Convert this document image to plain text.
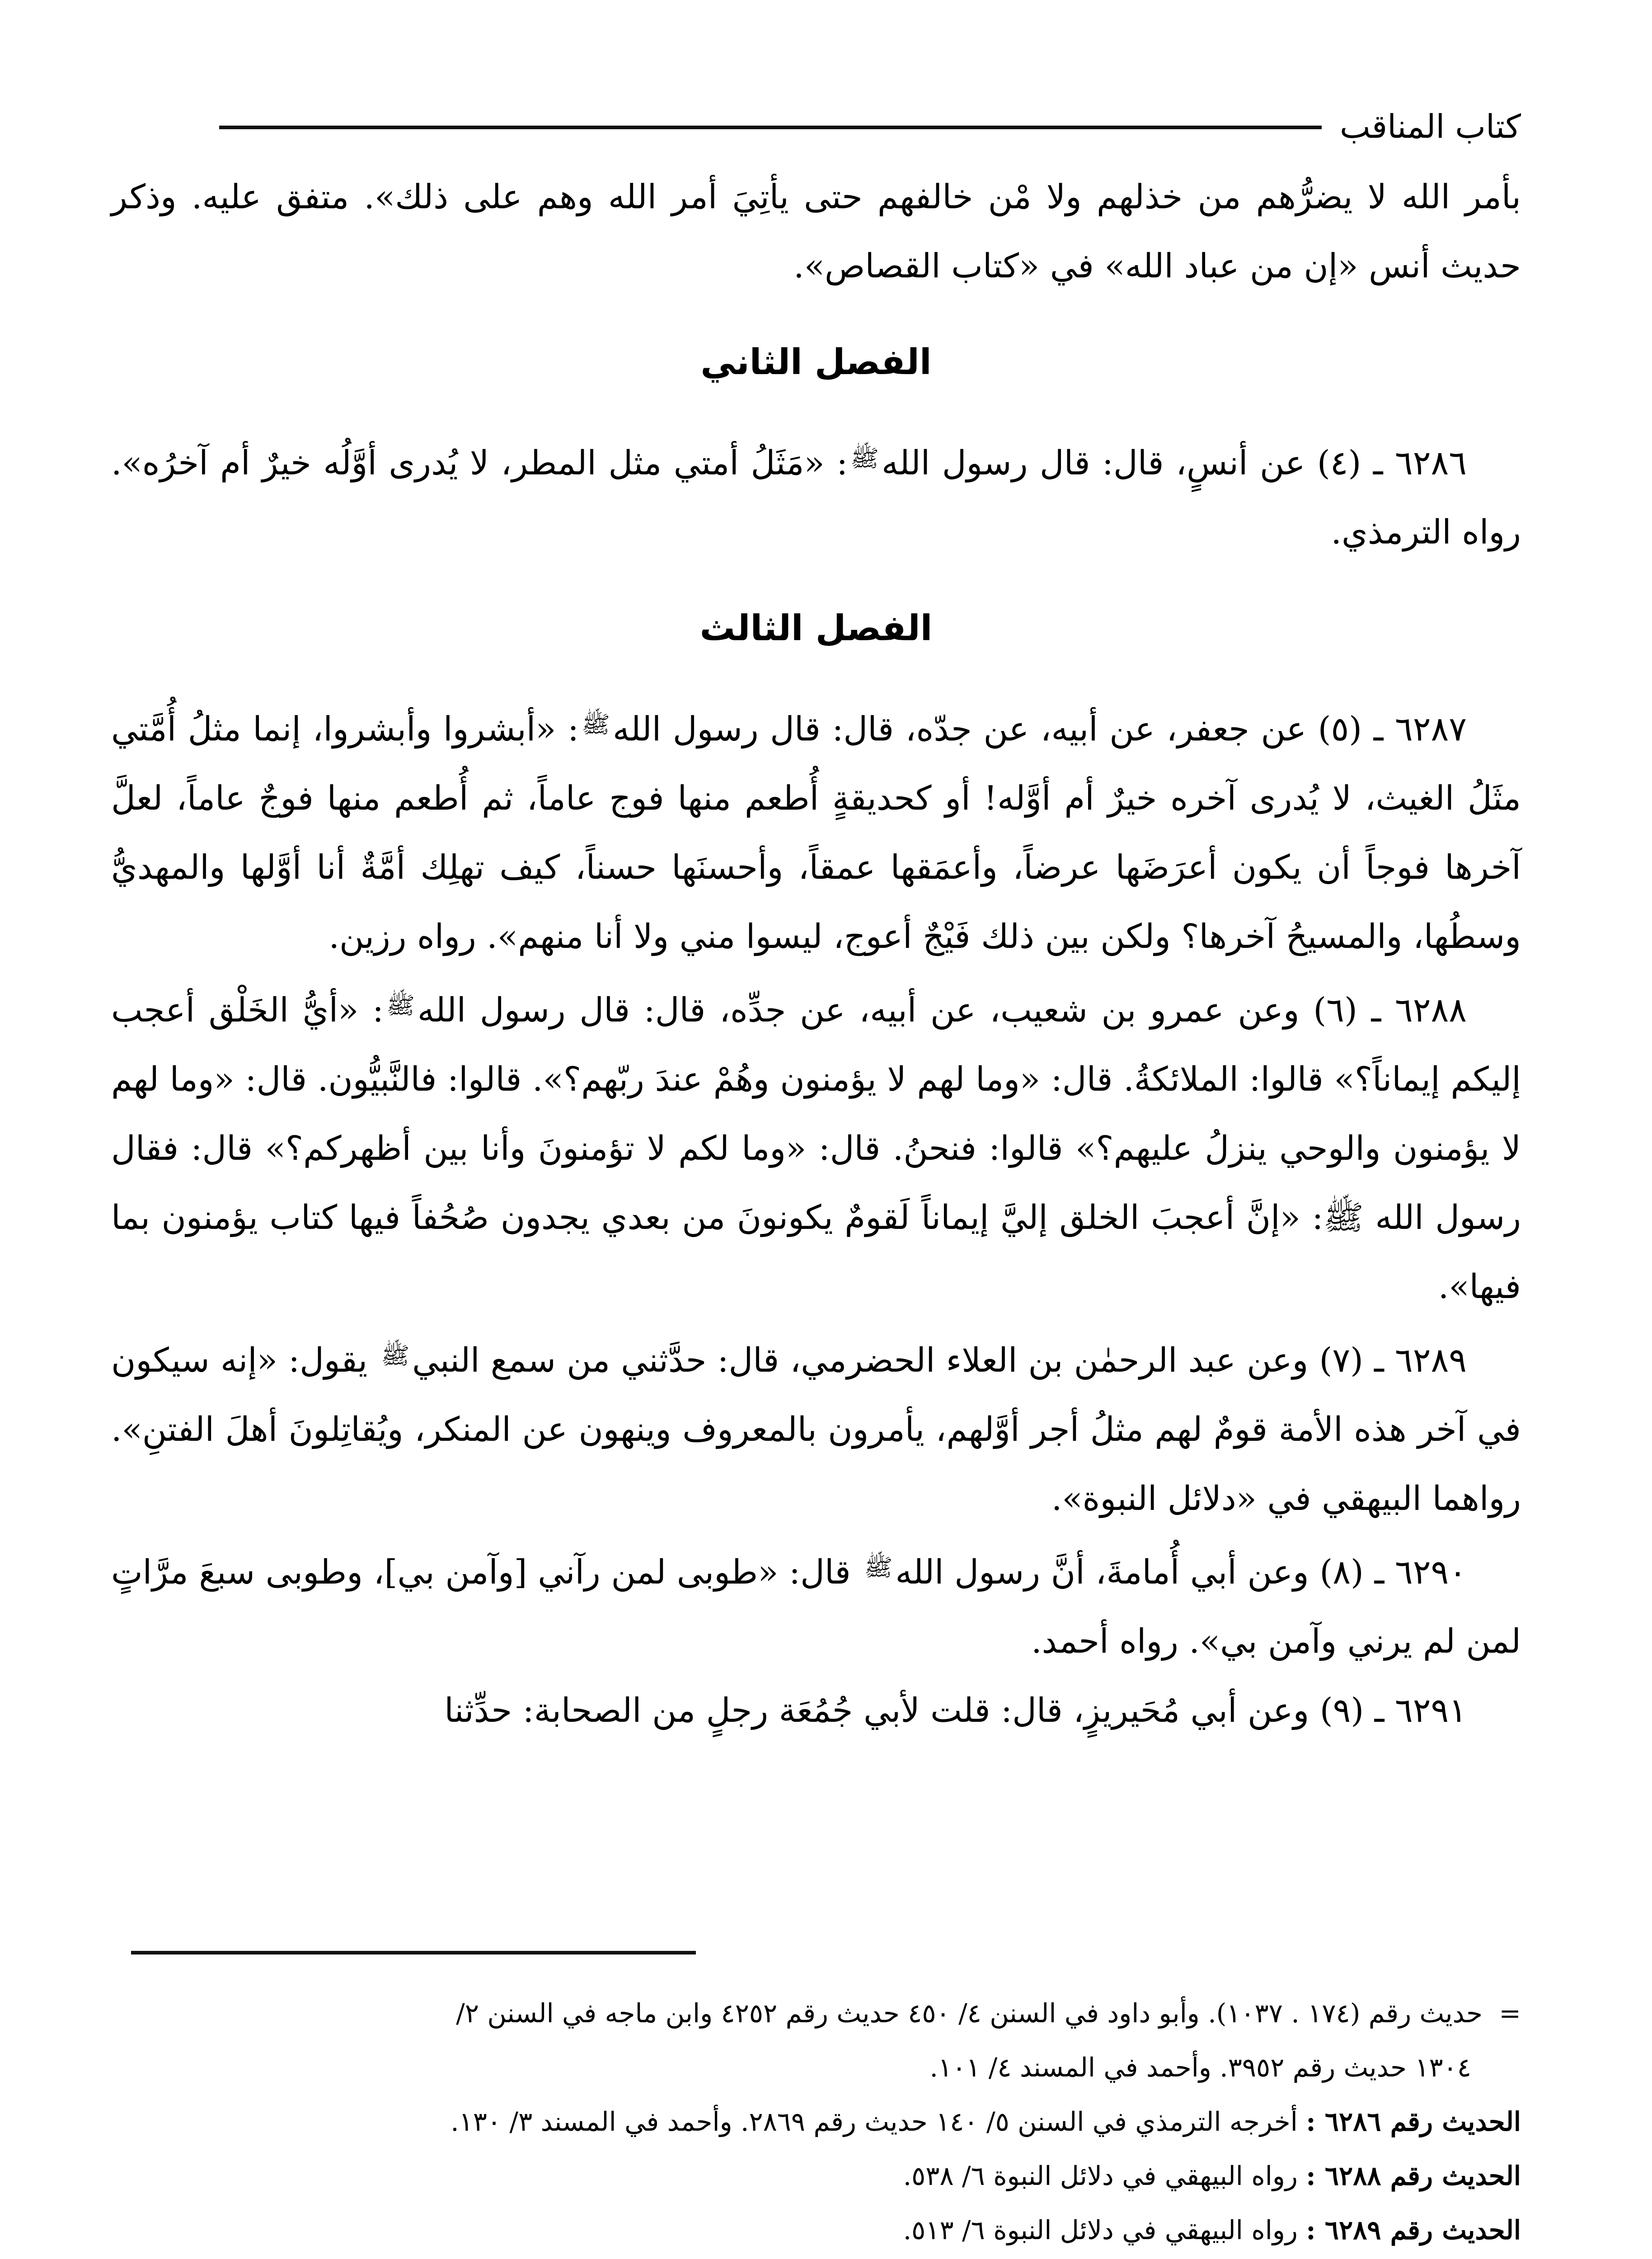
كتاب المناقب

بأمر الله لا يضرُّهم من خذلهم ولا مْن خالفهم حتى يأتِيَ أمر الله وهم على ذلك». متفق عليه. وذكر حديث أنس «إن من عباد الله» في «كتاب القصاص».

الفصل الثاني

٦٢٨٦ ـ (٤) عن أنسٍ، قال: قال رسول الله$^ﷺ$: «مَثَلُ أمتي مثل المطر، لا يُدرى أوَّلُه خيرٌ أم آخرُه». رواه الترمذي.

الفصل الثالث

٦٢٨٧ ـ (٥) عن جعفر، عن أبيه، عن جدّه، قال: قال رسول الله$^ﷺ$: «أبشروا وأبشروا، إنما مثلُ أُمَّتي مثَلُ الغيث، لا يُدرى آخره خيرٌ أم أوَّله! أو كحديقةٍ أُطعم منها فوج عاماً، ثم أُطعم منها فوجٌ عاماً، لعلَّ آخرها فوجاً أن يكون أعرَضَها عرضاً، وأعمَقها عمقاً، وأحسنَها حسناً، كيف تهلِك أمَّةٌ أنا أوَّلها والمهديُّ وسطُها، والمسيحُ آخرها؟ ولكن بين ذلك فَيْجٌ أعوج، ليسوا مني ولا أنا منهم». رواه رزين.

٦٢٨٨ ـ (٦) وعن عمرو بن شعيب، عن أبيه، عن جدِّه، قال: قال رسول الله$^ﷺ$: «أيُّ الخَلْق أعجب إليكم إيماناً؟» قالوا: الملائكةُ. قال: «وما لهم لا يؤمنون وهُمْ عندَ ربّهم؟». قالوا: فالنَّبيُّون. قال: «وما لهم لا يؤمنون والوحي ينزلُ عليهم؟» قالوا: فنحنُ. قال: «وما لكم لا تؤمنونَ وأنا بين أظهركم؟» قال: فقال رسول الله ﷺ: «إنَّ أعجبَ الخلق إليَّ إيماناً لَقومٌ يكونونَ من بعدي يجدون صُحُفاً فيها كتاب يؤمنون بما فيها».

٦٢٨٩ ـ (٧) وعن عبد الرحمٰن بن العلاء الحضرمي، قال: حدَّثني من سمع النبي$^ﷺ$ يقول: «إنه سيكون في آخر هذه الأمة قومٌ لهم مثلُ أجر أوَّلهم، يأمرون بالمعروف وينهون عن المنكر، ويُقاتِلونَ أهلَ الفتنِ». رواهما البيهقي في «دلائل النبوة».

٦٢٩٠ ـ (٨) وعن أبي أُمامةَ، أنَّ رسول الله$^ﷺ$ قال: «طوبى لمن رآني [وآمن بي]، وطوبى سبعَ مرَّاتٍ لمن لم يرني وآمن بي». رواه أحمد.

٦٢٩١ ـ (٩) وعن أبي مُحَيريزٍ، قال: قلت لأبي جُمُعَة رجلٍ من الصحابة: حدِّثنا

= حديث رقم (١٧٤ . ١٠٣٧). وأبو داود في السنن ٤/ ٤٥٠ حديث رقم ٤٢٥٢ وابن ماجه في السنن ٢/

١٣٠٤ حديث رقم ٣٩٥٢. وأحمد في المسند ٤/ ١٠١.

الحديث رقم ٦٢٨٦ : أخرجه الترمذي في السنن ٥/ ١٤٠ حديث رقم ٢٨٦٩. وأحمد في المسند ٣/ ١٣٠.

الحديث رقم ٦٢٨٨ : رواه البيهقي في دلائل النبوة ٦/ ٥٣٨.

الحديث رقم ٦٢٨٩ : رواه البيهقي في دلائل النبوة ٦/ ٥١٣.
